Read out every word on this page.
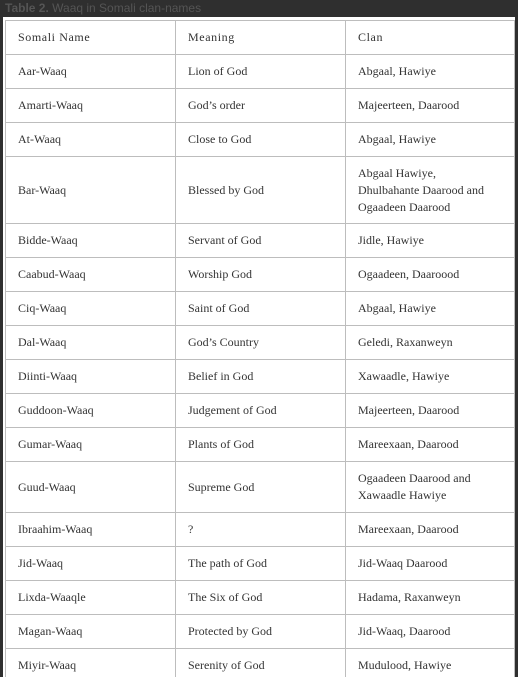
Table 2. Waaq in Somali clan-names
Somali Name	Meaning	Clan
Aar-Waaq	Lion of God	Abgaal, Hawiye

Amarti-Waaq	God’s order	Majeerteen, Daarood

At-Waaq	Close to God	Abgaal, Hawiye

Bar-Waaq	Blessed by God	Abgaal Hawiye,
Dhulbahante Daarood and
Ogaadeen Daarood

Bidde-Waaq	Servant of God	Jidle, Hawiye

Caabud-Waaq	Worship God	Ogaadeen, Daaroood

Ciq-Waaq	Saint of God	Abgaal, Hawiye

Dal-Waaq	God’s Country	Geledi, Raxanweyn

Diinti-Waaq	Belief in God	Xawaadle, Hawiye

Guddoon-Waaq	Judgement of God	Majeerteen, Daarood

Gumar-Waaq	Plants of God	Mareexaan, Daarood

Guud-Waaq	Supreme God	Ogaadeen Daarood and
Xawaadle Hawiye

Ibraahim-Waaq	?	Mareexaan, Daarood

Jid-Waaq	The path of God	Jid-Waaq Daarood

Lixda-Waaqle	The Six of God	Hadama, Raxanweyn

Magan-Waaq	Protected by God	Jid-Waaq, Daarood

Miyir-Waaq	Serenity of God	Mudulood, Hawiye
